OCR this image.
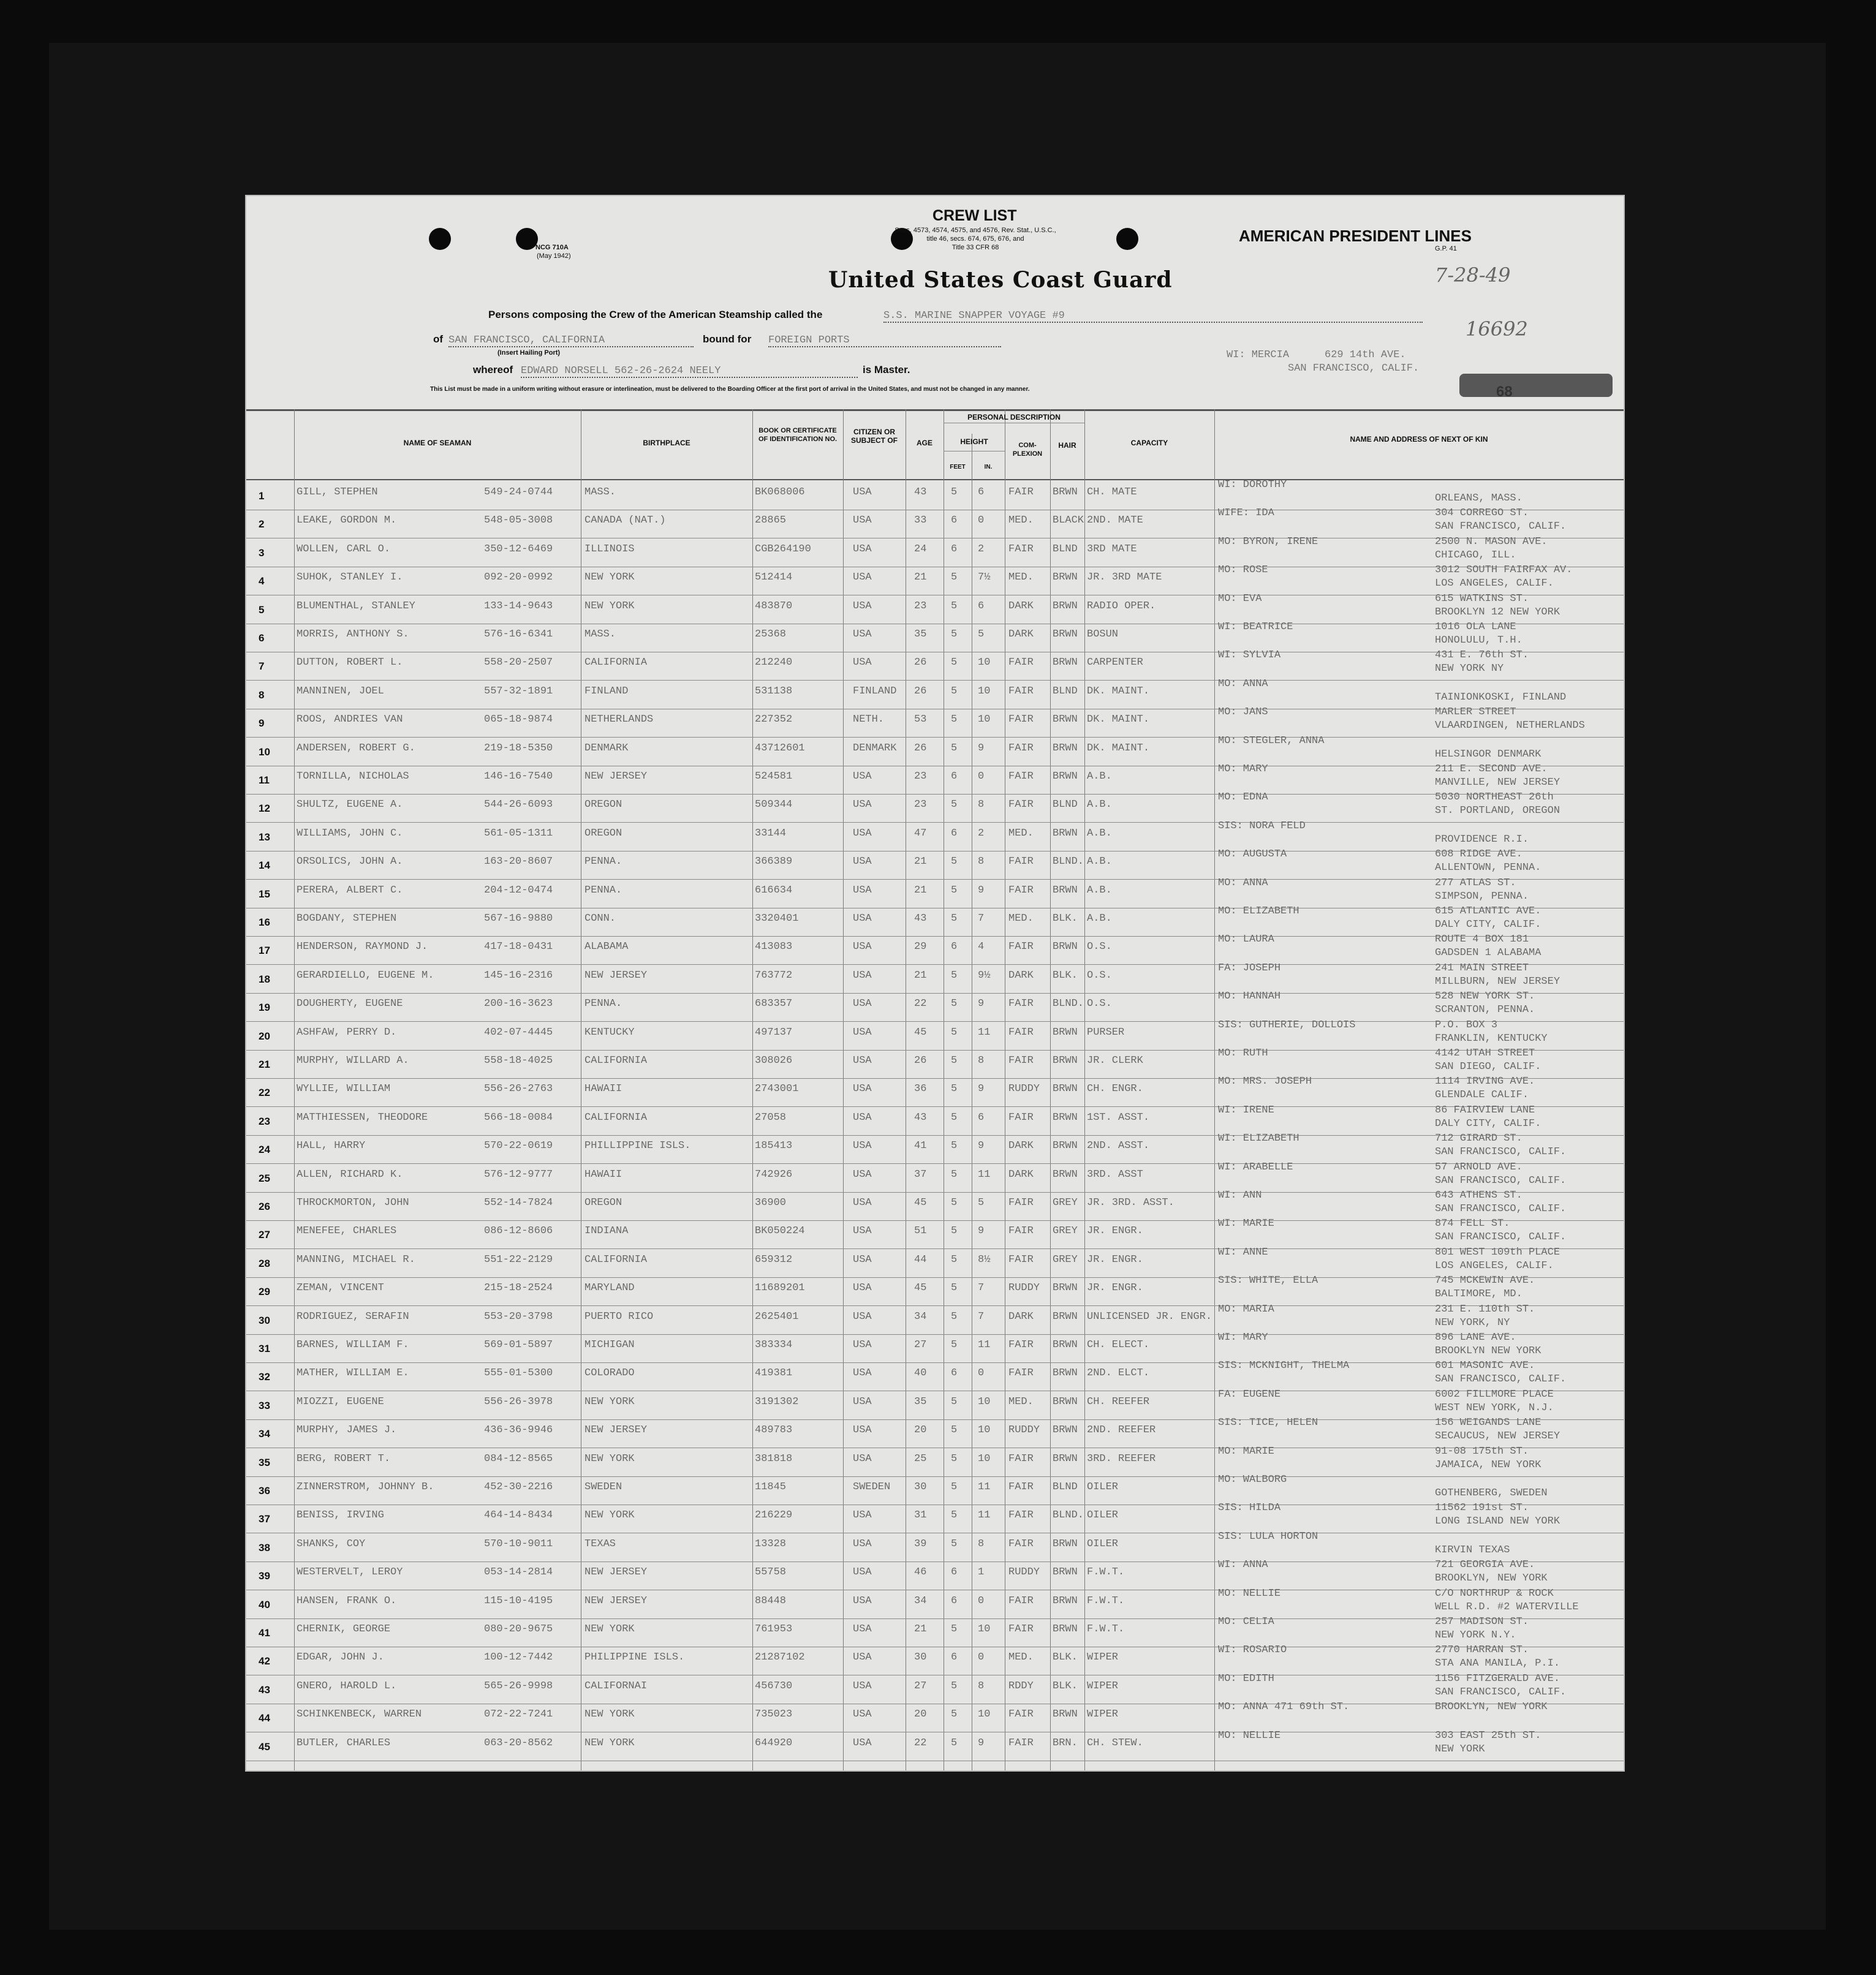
CREW LIST
Secs. 4573, 4574, 4575, and 4576, Rev. Stat., U.S.C.,
title 46, secs. 674, 675, 676, and
Title 33 CFR 68
NCG 710A
(May 1942)
AMERICAN PRESIDENT LINES
G.P. 41
United States Coast Guard	7-28-49
16692
Persons composing the Crew of the American Steamship called the	S.S. MARINE SNAPPER VOYAGE #9
of SAN FRANCISCO, CALIFORNIA
(Insert Hailing Port)
bound for FOREIGN PORTS
whereof EDWARD NORSELL 562-26-2624 NEELY	is Master.
WI: MERCIA	629 14th AVE.
SAN FRANCISCO, CALIF.
This List must be made in a uniform writing without erasure or interlineation, must be delivered to the Boarding Officer at the first port of arrival in the United States, and must not be changed in any manner.
NAME OF SEAMAN	BIRTHPLACE
BOOK OR CERTIFICATE OF IDENTIFICATION NO.
CITIZEN OR SUBJECT OF	AGE
PERSONAL DESCRIPTION
HEIGHT
FEET	IN.
COM-PLEXION
HAIR	CAPACITY	NAME AND ADDRESS OF NEXT OF KIN
1	GILL, STEPHEN	549-24-0744	MASS.	BK068006	USA	43	5	6	FAIR	BRWN CH. MATE
WI: DOROTHY
ORLEANS, MASS.
2	LEAKE, GORDON M.	548-05-3008	CANADA (NAT.)	28865	USA	33	6	0	MED.	BLACK 2ND. MATE
WIFE: IDA	304 CORREGO ST.
SAN FRANCISCO, CALIF.
3	WOLLEN, CARL O.	350-12-6469	ILLINOIS	CGB264190	USA	24	6	2	FAIR	BLND 3RD MATE
MO: BYRON, IRENE	2500 N. MASON AVE.
CHICAGO, ILL.
4	SUHOK, STANLEY I.	092-20-0992	NEW YORK	512414	USA	21	5	7½	MED.	BRWN JR. 3RD MATE
MO: ROSE	3012 SOUTH FAIRFAX AV.
LOS ANGELES, CALIF.
5	BLUMENTHAL, STANLEY	133-14-9643	NEW YORK	483870	USA	23	5	6	DARK	BRWN RADIO OPER.
MO: EVA	615 WATKINS ST.
BROOKLYN 12 NEW YORK
6	MORRIS, ANTHONY S.	576-16-6341	MASS.	25368	USA	35	5	5	DARK	BRWN BOSUN
WI: BEATRICE	1016 OLA LANE
HONOLULU, T.H.
7	DUTTON, ROBERT L.	558-20-2507	CALIFORNIA	212240	USA	26	5	10	FAIR	BRWN CARPENTER
WI: SYLVIA	431 E. 76th ST.
NEW YORK NY
8	MANNINEN, JOEL	557-32-1891	FINLAND	531138	FINLAND	26	5	10	FAIR	BLND DK. MAINT.
MO: ANNA
TAINIONKOSKI, FINLAND
9	ROOS, ANDRIES VAN	065-18-9874	NETHERLANDS	227352	NETH.	53	5	10	FAIR	BRWN DK. MAINT.
MO: JANS	MARLER STREET
VLAARDINGEN, NETHERLANDS
10	ANDERSEN, ROBERT G.	219-18-5350	DENMARK	43712601	DENMARK	26	5	9	FAIR	BRWN DK. MAINT.
MO: STEGLER, ANNA
HELSINGOR DENMARK
11	TORNILLA, NICHOLAS	146-16-7540	NEW JERSEY	524581	USA	23	6	0	FAIR	BRWN A.B.
MO: MARY	211 E. SECOND AVE.
MANVILLE, NEW JERSEY
12	SHULTZ, EUGENE A.	544-26-6093	OREGON	509344	USA	23	5	8	FAIR	BLND A.B.
MO: EDNA	5030 NORTHEAST 26th
ST. PORTLAND, OREGON
13	WILLIAMS, JOHN C.	561-05-1311	OREGON	33144	USA	47	6	2	MED.	BRWN A.B.
SIS: NORA FELD
PROVIDENCE R.I.
14	ORSOLICS, JOHN A.	163-20-8607	PENNA.	366389	USA	21	5	8	FAIR	BLND. A.B.
MO: AUGUSTA	608 RIDGE AVE.
ALLENTOWN, PENNA.
15	PERERA, ALBERT C.	204-12-0474	PENNA.	616634	USA	21	5	9	FAIR	BRWN A.B.
MO: ANNA	277 ATLAS ST.
SIMPSON, PENNA.
16	BOGDANY, STEPHEN	567-16-9880	CONN.	3320401	USA	43	5	7	MED.	BLK. A.B.
MO: ELIZABETH	615 ATLANTIC AVE.
DALY CITY, CALIF.
17	HENDERSON, RAYMOND J.	417-18-0431	ALABAMA	413083	USA	29	6	4	FAIR	BRWN O.S.
MO: LAURA	ROUTE 4 BOX 181
GADSDEN 1 ALABAMA
18	GERARDIELLO, EUGENE M.	145-16-2316	NEW JERSEY	763772	USA	21	5	9½	DARK	BLK. O.S.
FA: JOSEPH	241 MAIN STREET
MILLBURN, NEW JERSEY
19	DOUGHERTY, EUGENE	200-16-3623	PENNA.	683357	USA	22	5	9	FAIR	BLND. O.S.
MO: HANNAH	528 NEW YORK ST.
SCRANTON, PENNA.
20	ASHFAW, PERRY D.	402-07-4445	KENTUCKY	497137	USA	45	5	11	FAIR	BRWN PURSER
SIS: GUTHERIE, DOLLOIS	P.O. BOX 3
FRANKLIN, KENTUCKY
21	MURPHY, WILLARD A.	558-18-4025	CALIFORNIA	308026	USA	26	5	8	FAIR	BRWN JR. CLERK
MO: RUTH	4142 UTAH STREET
SAN DIEGO, CALIF.
22	WYLLIE, WILLIAM	556-26-2763	HAWAII	2743001	USA	36	5	9	RUDDY	BRWN CH. ENGR.
MO: MRS. JOSEPH	1114 IRVING AVE.
GLENDALE CALIF.
23	MATTHIESSEN, THEODORE	566-18-0084	CALIFORNIA	27058	USA	43	5	6	FAIR	BRWN 1ST. ASST.
WI: IRENE	86 FAIRVIEW LANE
DALY CITY, CALIF.
24	HALL, HARRY	570-22-0619	PHILLIPPINE ISLS.	185413	USA	41	5	9	DARK	BRWN 2ND. ASST.
WI: ELIZABETH	712 GIRARD ST.
SAN FRANCISCO, CALIF.
25	ALLEN, RICHARD K.	576-12-9777	HAWAII	742926	USA	37	5	11	DARK	BRWN 3RD. ASST
WI: ARABELLE	57 ARNOLD AVE.
SAN FRANCISCO, CALIF.
26	THROCKMORTON, JOHN	552-14-7824	OREGON	36900	USA	45	5	5	FAIR	GREY JR. 3RD. ASST.
WI: ANN	643 ATHENS ST.
SAN FRANCISCO, CALIF.
27	MENEFEE, CHARLES	086-12-8606	INDIANA	BK050224	USA	51	5	9	FAIR	GREY JR. ENGR.
WI: MARIE	874 FELL ST.
SAN FRANCISCO, CALIF.
28	MANNING, MICHAEL R.	551-22-2129	CALIFORNIA	659312	USA	44	5	8½	FAIR	GREY JR. ENGR.
WI: ANNE	801 WEST 109th PLACE
LOS ANGELES, CALIF.
29	ZEMAN, VINCENT	215-18-2524	MARYLAND	11689201	USA	45	5	7	RUDDY	BRWN JR. ENGR.
SIS: WHITE, ELLA	745 MCKEWIN AVE.
BALTIMORE, MD.
30	RODRIGUEZ, SERAFIN	553-20-3798	PUERTO RICO	2625401	USA	34	5	7	DARK	BRWN UNLICENSED JR. ENGR.
MO: MARIA	231 E. 110th ST.
NEW YORK, NY
31	BARNES, WILLIAM F.	569-01-5897	MICHIGAN	383334	USA	27	5	11	FAIR	BRWN CH. ELECT.
WI: MARY	896 LANE AVE.
BROOKLYN NEW YORK
32	MATHER, WILLIAM E.	555-01-5300	COLORADO	419381	USA	40	6	0	FAIR	BRWN 2ND. ELCT.
SIS: MCKNIGHT, THELMA	601 MASONIC AVE.
SAN FRANCISCO, CALIF.
33	MIOZZI, EUGENE	556-26-3978	NEW YORK	3191302	USA	35	5	10	MED.	BRWN CH. REEFER
FA: EUGENE	6002 FILLMORE PLACE
WEST NEW YORK, N.J.
34	MURPHY, JAMES J.	436-36-9946	NEW JERSEY	489783	USA	20	5	10	RUDDY	BRWN 2ND. REEFER
SIS: TICE, HELEN	156 WEIGANDS LANE
SECAUCUS, NEW JERSEY
35	BERG, ROBERT T.	084-12-8565	NEW YORK	381818	USA	25	5	10	FAIR	BRWN 3RD. REEFER
MO: MARIE	91-08 175th ST.
JAMAICA, NEW YORK
36	ZINNERSTROM, JOHNNY B.	452-30-2216	SWEDEN	11845	SWEDEN	30	5	11	FAIR	BLND OILER
MO: WALBORG
GOTHENBERG, SWEDEN
37	BENISS, IRVING	464-14-8434	NEW YORK	216229	USA	31	5	11	FAIR	BLND. OILER
SIS: HILDA	11562 191st ST.
LONG ISLAND NEW YORK
38	SHANKS, COY	570-10-9011	TEXAS	13328	USA	39	5	8	FAIR	BRWN OILER
SIS: LULA HORTON
KIRVIN TEXAS
39	WESTERVELT, LEROY	053-14-2814	NEW JERSEY	55758	USA	46	6	1	RUDDY	BRWN F.W.T.
WI: ANNA	721 GEORGIA AVE.
BROOKLYN, NEW YORK
40	HANSEN, FRANK O.	115-10-4195	NEW JERSEY	88448	USA	34	6	0	FAIR	BRWN F.W.T.
MO: NELLIE	C/O NORTHRUP & ROCK
WELL R.D. #2 WATERVILLE
41	CHERNIK, GEORGE	080-20-9675	NEW YORK	761953	USA	21	5	10	FAIR	BRWN F.W.T.
MO: CELIA	257 MADISON ST.
NEW YORK N.Y.
42	EDGAR, JOHN J.	100-12-7442	PHILIPPINE ISLS.	21287102	USA	30	6	0	MED.	BLK. WIPER
WI: ROSARIO	2770 HARRAN ST.
STA ANA MANILA, P.I.
43	GNERO, HAROLD L.	565-26-9998	CALIFORNAI	456730	USA	27	5	8	RDDY	BLK. WIPER
MO: EDITH	1156 FITZGERALD AVE.
SAN FRANCISCO, CALIF.
44	SCHINKENBECK, WARREN	072-22-7241	NEW YORK	735023	USA	20	5	10	FAIR	BRWN WIPER
MO: ANNA 471 69th ST.	BROOKLYN, NEW YORK
45	BUTLER, CHARLES	063-20-8562	NEW YORK	644920	USA	22	5	9	FAIR	BRN. CH. STEW.
MO: NELLIE	303 EAST 25th ST.
NEW YORK
